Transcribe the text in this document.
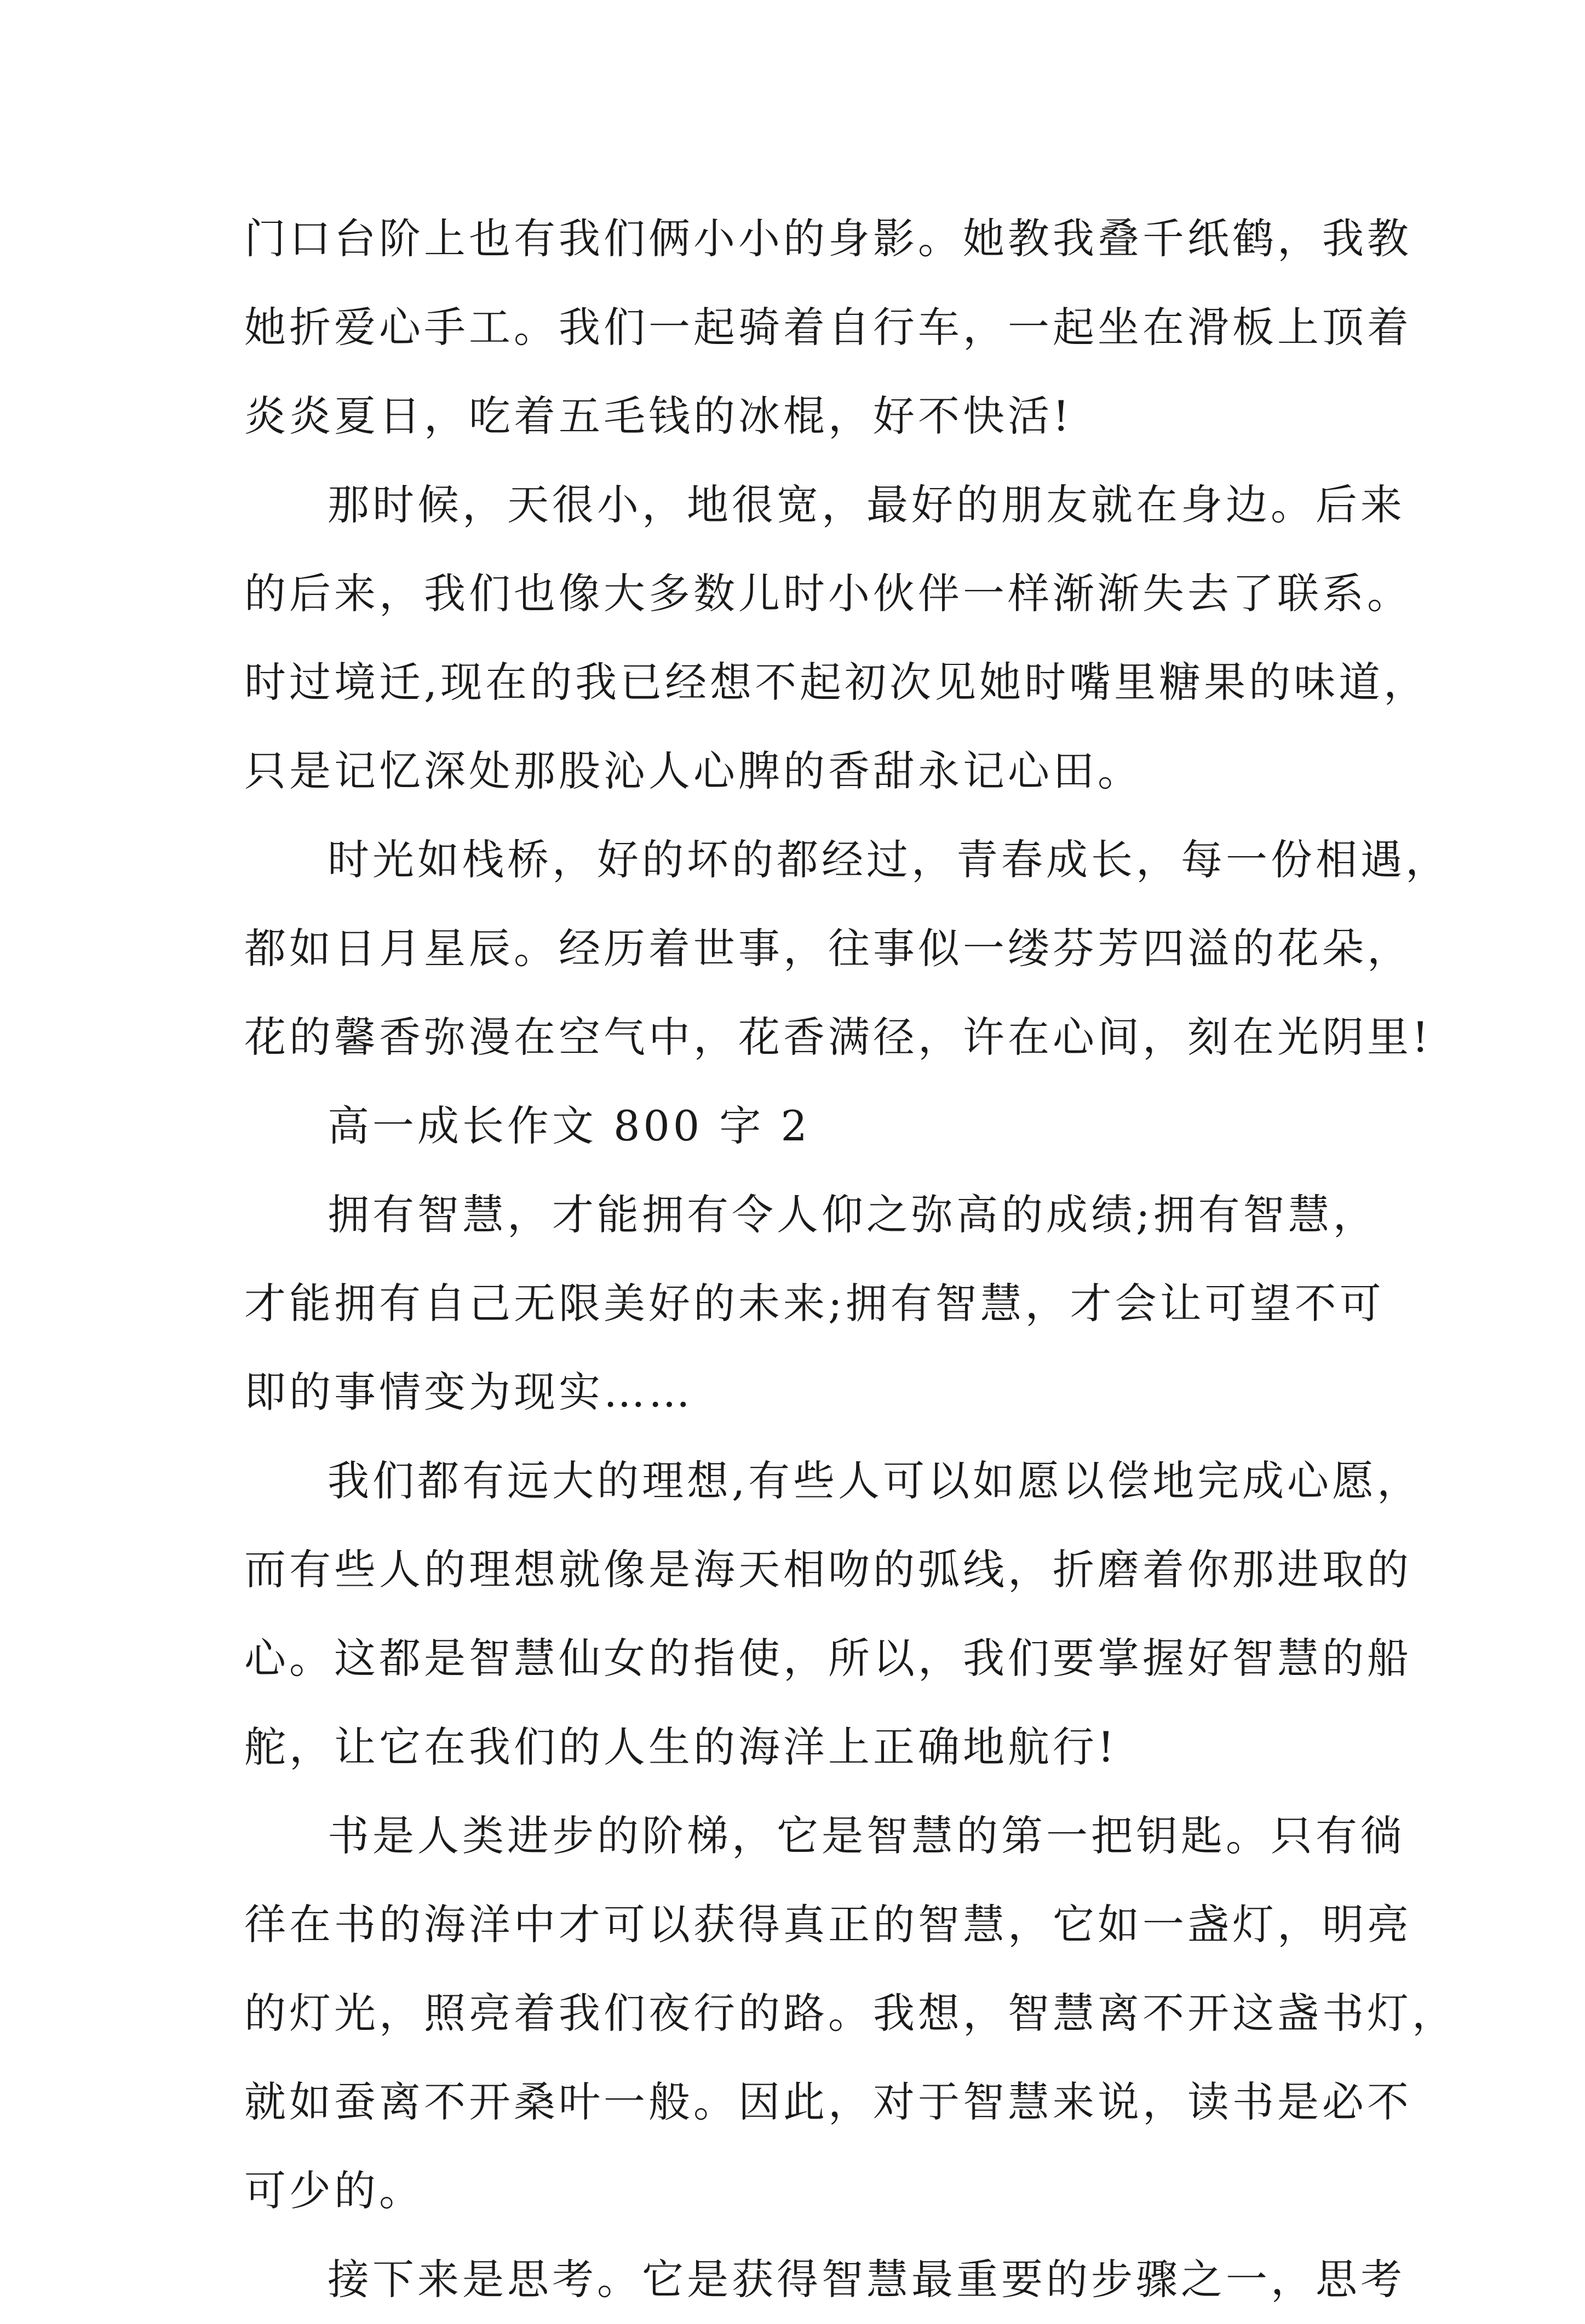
门口台阶上也有我们俩小小的身影。她教我叠千纸鹤，我教
她折爱心手工。我们一起骑着自行车，一起坐在滑板上顶着
炎炎夏日，吃着五毛钱的冰棍，好不快活!
那时候，天很小，地很宽，最好的朋友就在身边。后来
的后来，我们也像大多数儿时小伙伴一样渐渐失去了联系。
时过境迁,现在的我已经想不起初次见她时嘴里糖果的味道，
只是记忆深处那股沁人心脾的香甜永记心田。
时光如栈桥，好的坏的都经过，青春成长，每一份相遇，
都如日月星辰。经历着世事，往事似一缕芬芳四溢的花朵，
花的馨香弥漫在空气中，花香满径，许在心间，刻在光阴里!
高一成长作文 800 字 2
拥有智慧，才能拥有令人仰之弥高的成绩;拥有智慧，
才能拥有自己无限美好的未来;拥有智慧，才会让可望不可
即的事情变为现实……
我们都有远大的理想,有些人可以如愿以偿地完成心愿，
而有些人的理想就像是海天相吻的弧线，折磨着你那进取的
心。这都是智慧仙女的指使，所以，我们要掌握好智慧的船
舵，让它在我们的人生的海洋上正确地航行!
书是人类进步的阶梯，它是智慧的第一把钥匙。只有徜
徉在书的海洋中才可以获得真正的智慧，它如一盏灯，明亮
的灯光，照亮着我们夜行的路。我想，智慧离不开这盏书灯，
就如蚕离不开桑叶一般。因此，对于智慧来说，读书是必不
可少的。
接下来是思考。它是获得智慧最重要的步骤之一，思考
